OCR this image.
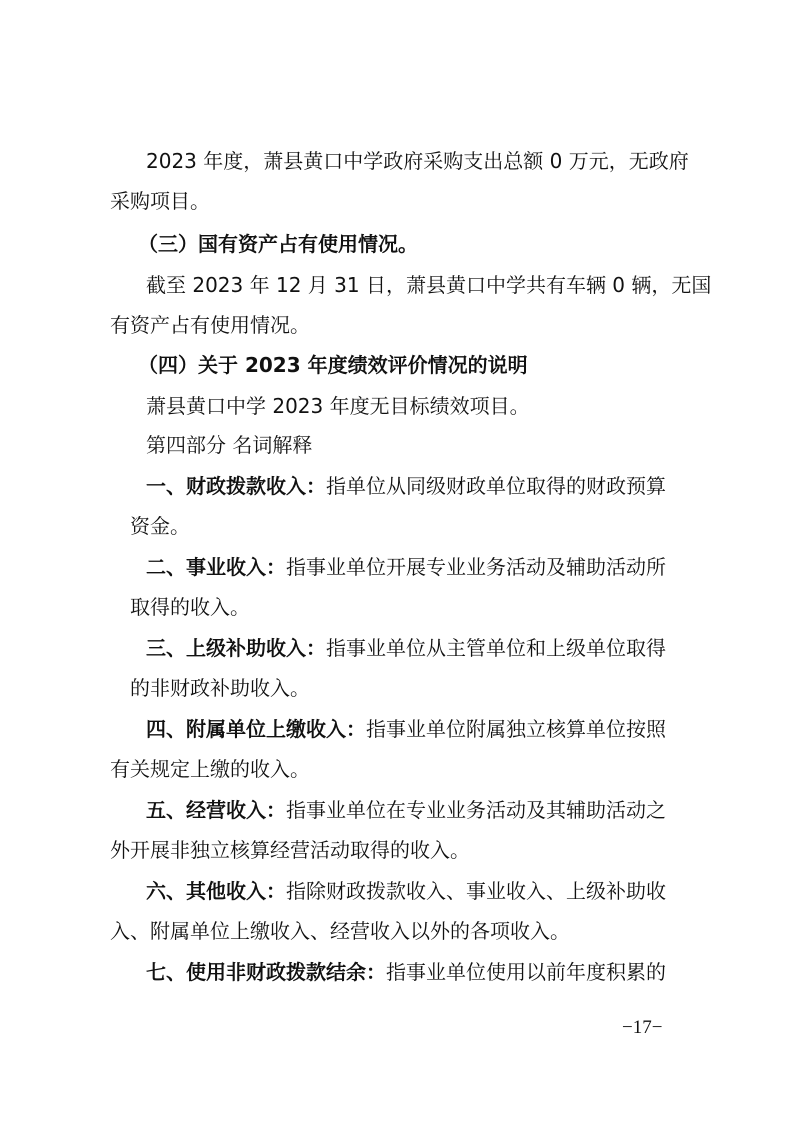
2023 年度，萧县黄口中学政府采购支出总额 0 万元，无政府

采购项目。

（三）国有资产占有使用情况。

截至 2023 年 12 月 31 日，萧县黄口中学共有车辆 0 辆，无国

有资产占有使用情况。

（四）关于 2023 年度绩效评价情况的说明

萧县黄口中学 2023 年度无目标绩效项目。

第四部分 名词解释

一、财政拨款收入：指单位从同级财政单位取得的财政预算

资金。

二、事业收入：指事业单位开展专业业务活动及辅助活动所

取得的收入。

三、上级补助收入：指事业单位从主管单位和上级单位取得

的非财政补助收入。

四、附属单位上缴收入：指事业单位附属独立核算单位按照

有关规定上缴的收入。

五、经营收入：指事业单位在专业业务活动及其辅助活动之

外开展非独立核算经营活动取得的收入。

六、其他收入：指除财政拨款收入、事业收入、上级补助收

入、附属单位上缴收入、经营收入以外的各项收入。

七、使用非财政拨款结余：指事业单位使用以前年度积累的

−17−
